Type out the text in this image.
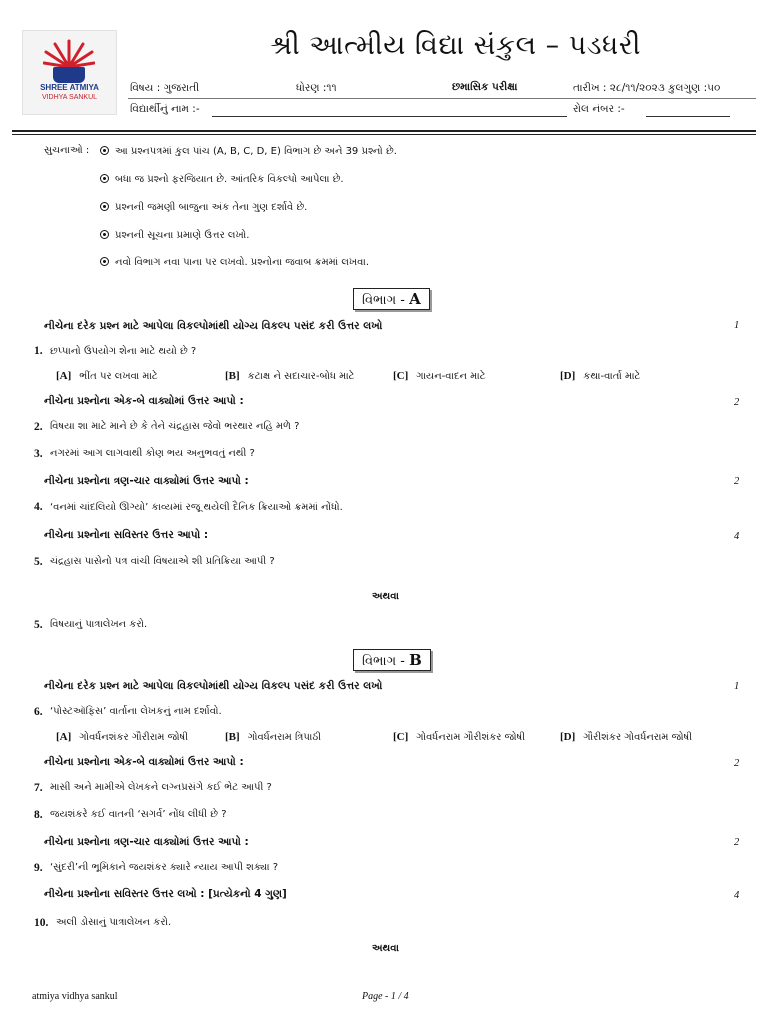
SHREE ATMIYA
VIDHYA SANKUL
શ્રી આત્મીય વિદ્યા સંકુલ – પડધરી
વિષય : ગુજરાતી	ધોરણ :૧૧	છમાસિક પરીક્ષા	તારીખ : ૨૮/૧૧/૨૦૨૩ કુલગુણ :૫૦
વિદ્યાર્થીનું નામ :-	રોલ નંબર :-
સુચનાઓ :	આ પ્રશ્નપત્રમાં કુલ પાંચ (A, B, C, D, E) વિભાગ છે અને 39 પ્રશ્નો છે.
બધા જ પ્રશ્નો ફરજિયાત છે. આંતરિક વિકલ્પો આપેલા છે.
પ્રશ્નની જમણી બાજુના અંક તેના ગુણ દર્શાવે છે.
પ્રશ્નની સૂચના પ્રમાણે ઉત્તર લખો.
નવો વિભાગ નવા પાના પર લખવો. પ્રશ્નોના જવાબ ક્રમમાં લખવા.
વિભાગ - A
નીચેના દરેક પ્રશ્ન માટે આપેલા વિકલ્પોમાંથી યોગ્ય વિકલ્પ પસંદ કરી ઉત્તર લખો	1
1. છપ્પાનો ઉપયોગ શેના માટે થયો છે ?
[A] ભીંત પર લખવા માટે	[B] કટાક્ષ ને સદાચાર-બોધ માટે	[C] ગાયન-વાદન માટે	[D] કથા-વાર્તા માટે
નીચેના પ્રશ્નોના એક-બે વાક્યોમાં ઉત્તર આપો :	2
2. વિષયા શા માટે માને છે કે તેને ચંદ્રહાસ જેવો ભરથાર નહિ મળે ?
3. નગરમાં આગ લાગવાથી કોણ ભય અનુભવતું નથી ?
નીચેના પ્રશ્નોના ત્રણ-ચાર વાક્યોમાં ઉત્તર આપો :	2
4. ‘વનમાં ચાંદલિયો ઊગ્યો’ કાવ્યમાં રજૂ થયેલી દૈનિક ક્રિયાઓ ક્રમમાં નોંધો.
નીચેના પ્રશ્નોના સવિસ્તર ઉત્તર આપો :	4
5. ચંદ્રહાસ પાસેનો પત્ર વાંચી વિષયાએ શી પ્રતિક્રિયા આપી ?
અથવા
5. વિષયાનું પાત્રાલેખન કરો.
વિભાગ - B
નીચેના દરેક પ્રશ્ન માટે આપેલા વિકલ્પોમાંથી યોગ્ય વિકલ્પ પસંદ કરી ઉત્તર લખો	1
6. ‘પોસ્ટઑફિસ’ વાર્તાના લેખકનું નામ દર્શાવો.
[A] ગોવર્ધનશંકર ગૌરીરામ જોષી	[B] ગોવર્ધનરામ ત્રિપાઠી	[C] ગોવર્ધનરામ ગૌરીશંકર જોષી	[D] ગૌરીશંકર ગોવર્ધનરામ જોષી
નીચેના પ્રશ્નોના એક-બે વાક્યોમાં ઉત્તર આપો :	2
7. માસી અને મામીએ લેખકને લગ્નપ્રસંગે કઈ ભેટ આપી ?
8. જયશંકરે કઈ વાતની ‘સગર્વ’ નોંધ લીધી છે ?
નીચેના પ્રશ્નોના ત્રણ-ચાર વાક્યોમાં ઉત્તર આપો :	2
9. ‘સુંદરી’ની ભૂમિકાને જયશંકર ક્યારે ન્યાય આપી શક્યા ?
નીચેના પ્રશ્નોના સવિસ્તર ઉત્તર લખો : [પ્રત્યેકનો 4 ગુણ]	4
10. અલી ડોસાનું પાત્રાલેખન કરો.
અથવા
atmiya vidhya sankul	Page - 1 / 4
